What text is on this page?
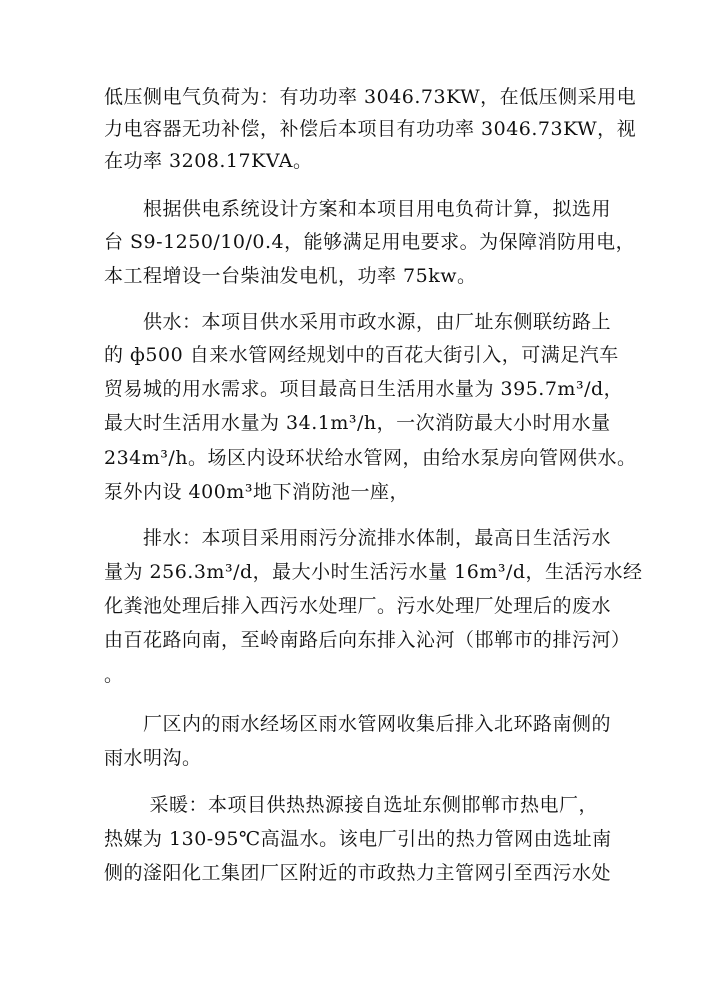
低压侧电气负荷为：有功功率 3046.73KW，在低压侧采用电
力电容器无功补偿，补偿后本项目有功功率 3046.73KW，视
在功率 3208.17KVA。
　　根据供电系统设计方案和本项目用电负荷计算，拟选用
台 S9-1250/10/0.4，能够满足用电要求。为保障消防用电，
本工程增设一台柴油发电机，功率 75kw。
　　供水：本项目供水采用市政水源，由厂址东侧联纺路上
的 ф500 自来水管网经规划中的百花大街引入，可满足汽车
贸易城的用水需求。项目最高日生活用水量为 395.7m³/d，
最大时生活用水量为 34.1m³/h，一次消防最大小时用水量
234m³/h。场区内设环状给水管网，由给水泵房向管网供水。
泵外内设 400m³地下消防池一座，
　　排水：本项目采用雨污分流排水体制，最高日生活污水
量为 256.3m³/d，最大小时生活污水量 16m³/d，生活污水经
化粪池处理后排入西污水处理厂。污水处理厂处理后的废水
由百花路向南，至岭南路后向东排入沁河（邯郸市的排污河）
。
　　厂区内的雨水经场区雨水管网收集后排入北环路南侧的
雨水明沟。
　　 采暖：本项目供热热源接自选址东侧邯郸市热电厂，
热媒为 130-95℃高温水。该电厂引出的热力管网由选址南
侧的滏阳化工集团厂区附近的市政热力主管网引至西污水处
